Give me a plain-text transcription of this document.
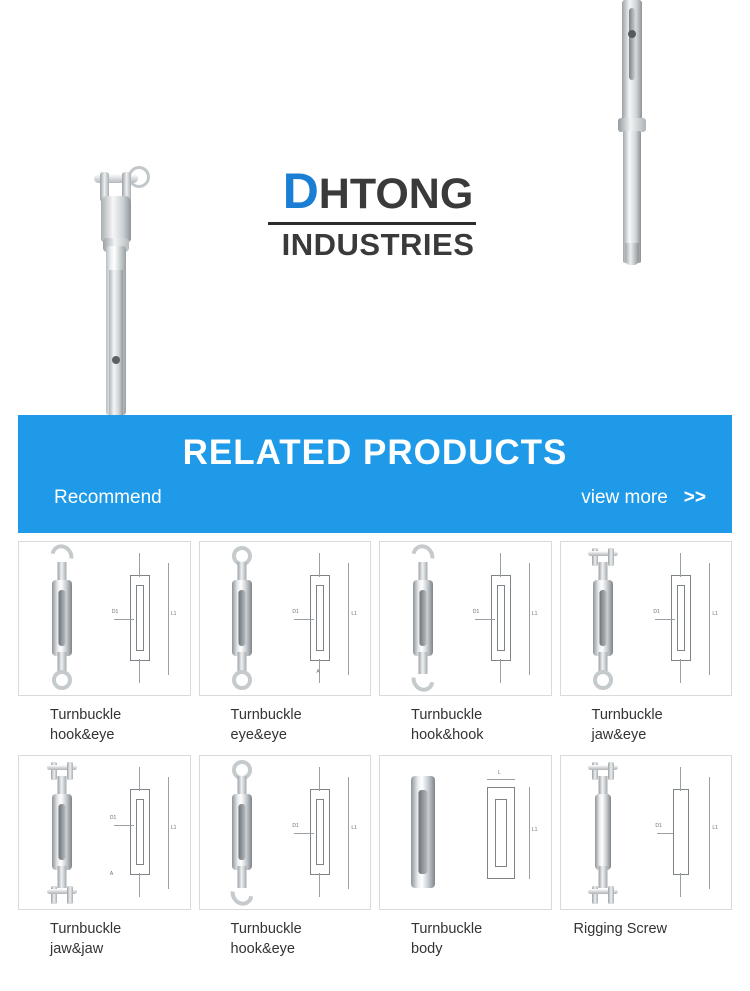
DHTONG
INDUSTRIES
RELATED PRODUCTS
Recommend	view more >>
L1
D1
Turnbuckle
hook&eye
L1
D1
A
Turnbuckle
eye&eye
L1
D1
Turnbuckle
hook&hook
L1
D1
Turnbuckle
jaw&eye
L1
D1
A
Turnbuckle
jaw&jaw
L1
D1
Turnbuckle
hook&eye
L1
L
Turnbuckle
body
L1
D1
Rigging Screw
